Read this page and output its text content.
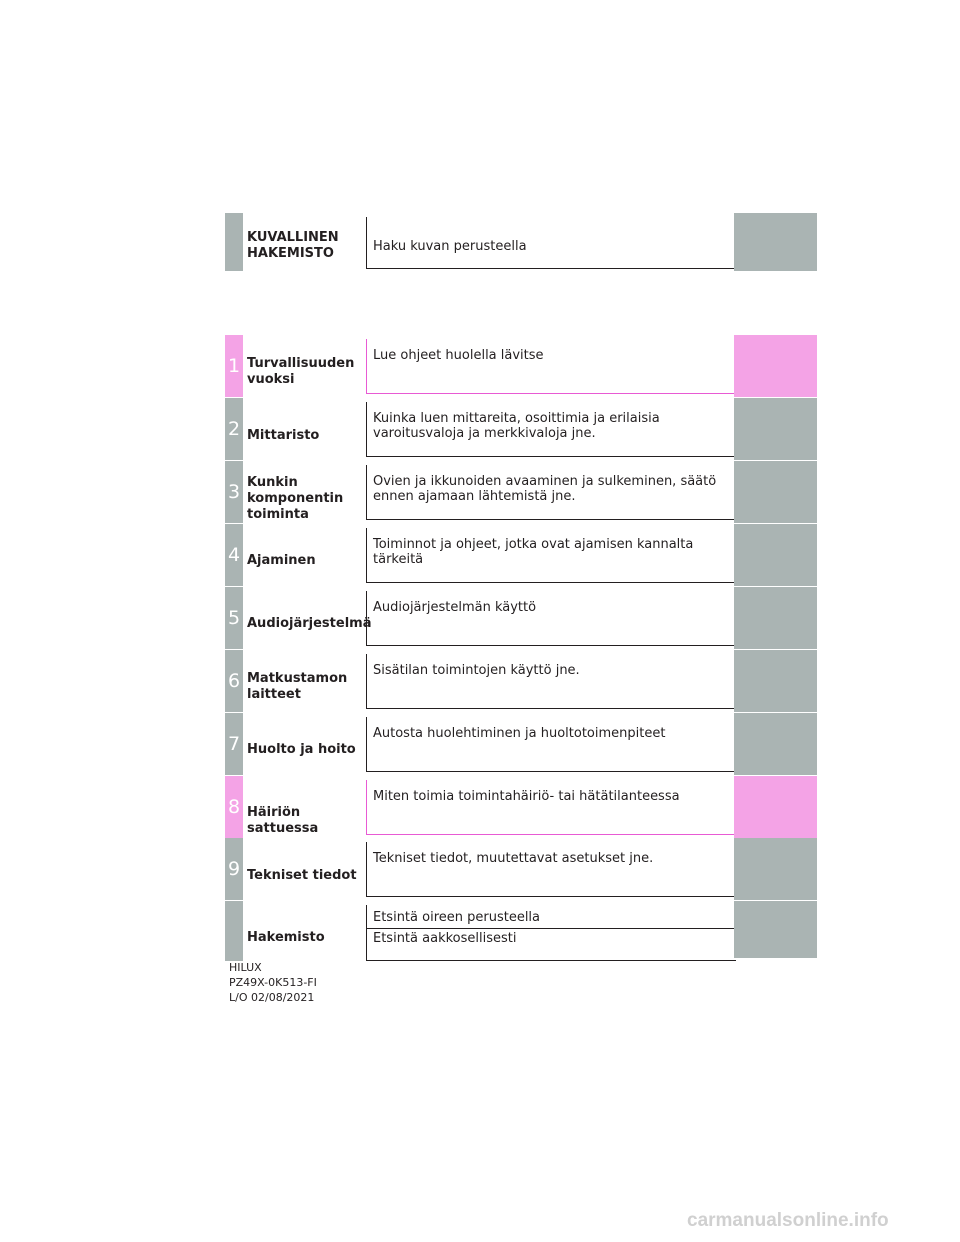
KUVALLINEN
HAKEMISTO	Haku kuvan perusteella
1 Turvallisuuden
vuoksi
Lue ohjeet huolella lävitse
2 Mittaristo
Kuinka luen mittareita, osoittimia ja erilaisia
varoitusvaloja ja merkkivaloja jne.
3 Kunkin
komponentin
toiminta
Ovien ja ikkunoiden avaaminen ja sulkeminen, säätö
ennen ajamaan lähtemistä jne.
4 Ajaminen
Toiminnot ja ohjeet, jotka ovat ajamisen kannalta tärkeitä
5 Audiojärjestelmä
Audiojärjestelmän käyttö
6 Matkustamon
laitteet
Sisätilan toimintojen käyttö jne.
7 Huolto ja hoito
Autosta huolehtiminen ja huoltotoimenpiteet
8 Häiriön sattuessa
Miten toimia toimintahäiriö- tai hätätilanteessa
9 Tekniset tiedot
Tekniset tiedot, muutettavat asetukset jne.
Hakemisto
Etsintä oireen perusteella
Etsintä aakkosellisesti
HILUX
PZ49X-0K513-FI
L/O 02/08/2021
carmanualsonline.info
